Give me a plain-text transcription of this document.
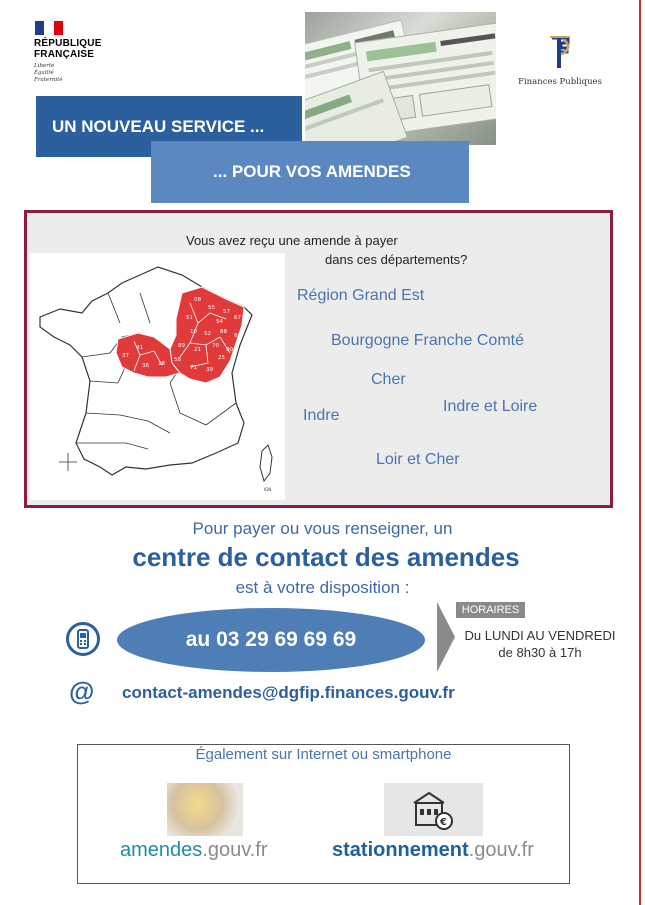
RÉPUBLIQUE
FRANÇAISE
Liberté
Égalité
Fraternité	Finances Publiques
UN NOUVEAU SERVICE ...
... POUR VOS AMENDES
Vous avez reçu une amende à payer
dans ces départements?
08
55
51
57
67
54
88
68
10 52
89
21
70
90
25
39
71
58
18
36
41
37
IGN
Région Grand Est
Bourgogne Franche Comté
Cher
Indre
Indre et Loire
Loir et Cher
Pour payer ou vous renseigner, un
centre de contact des amendes
est à votre disposition :
au 03 29 69 69 69
HORAIRES
Du LUNDI AU VENDREDI
de 8h30 à 17h
@ contact-amendes@dgfip.finances.gouv.fr
Également sur Internet ou smartphone
€
amendes.gouv.fr	stationnement.gouv.fr
